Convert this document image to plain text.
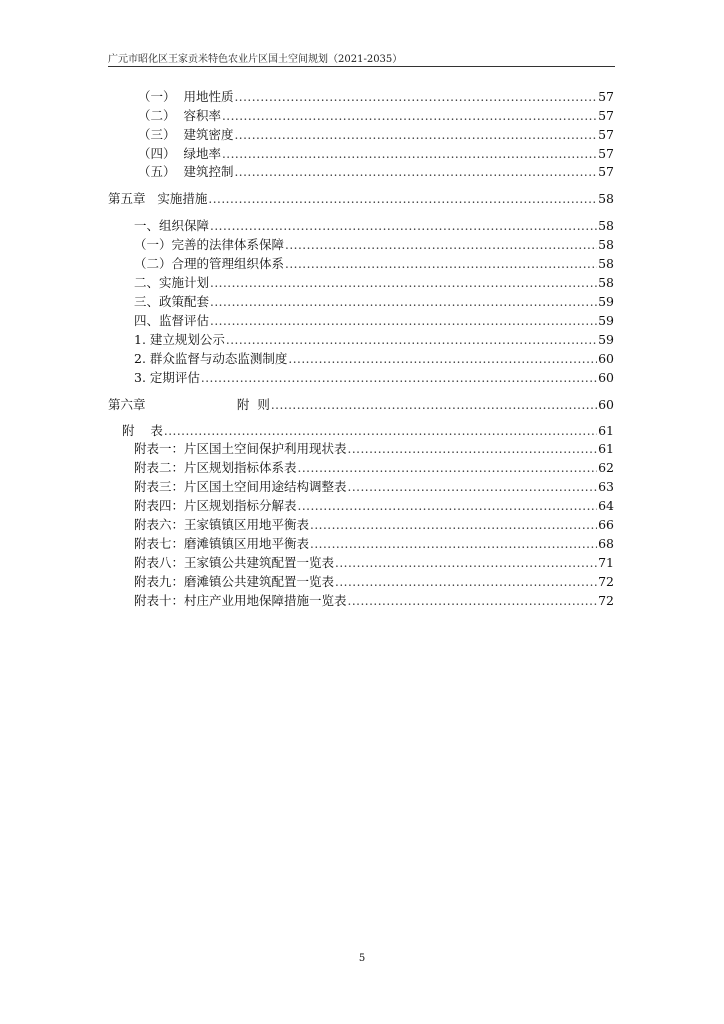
广元市昭化区王家贡米特色农业片区国土空间规划（2021-2035）
（一）  用地性质 .....	57
（二）  容积率 .....	57
（三）  建筑密度 .....	57
（四）  绿地率 .....	57
（五）  建筑控制 .....	57
第五章   实施措施 .....	58
一、组织保障 .....	58
（一）完善的法律体系保障 .....	58
（二）合理的管理组织体系 .....	58
二、实施计划 .....	58
三、政策配套 .....	59
四、监督评估 .....	59
1. 建立规划公示 .....	59
2. 群众监督与动态监测制度 .....	60
3. 定期评估 .....	60
第六章                       附  则 .....	60
附    表 .....	61
附表一：片区国土空间保护利用现状表 .....	61
附表二：片区规划指标体系表 .....	62
附表三：片区国土空间用途结构调整表 .....	63
附表四：片区规划指标分解表 .....	64
附表六：王家镇镇区用地平衡表 .....	66
附表七：磨滩镇镇区用地平衡表 .....	68
附表八：王家镇公共建筑配置一览表 .....	71
附表九：磨滩镇公共建筑配置一览表 .....	72
附表十：村庄产业用地保障措施一览表 .....	72
5
